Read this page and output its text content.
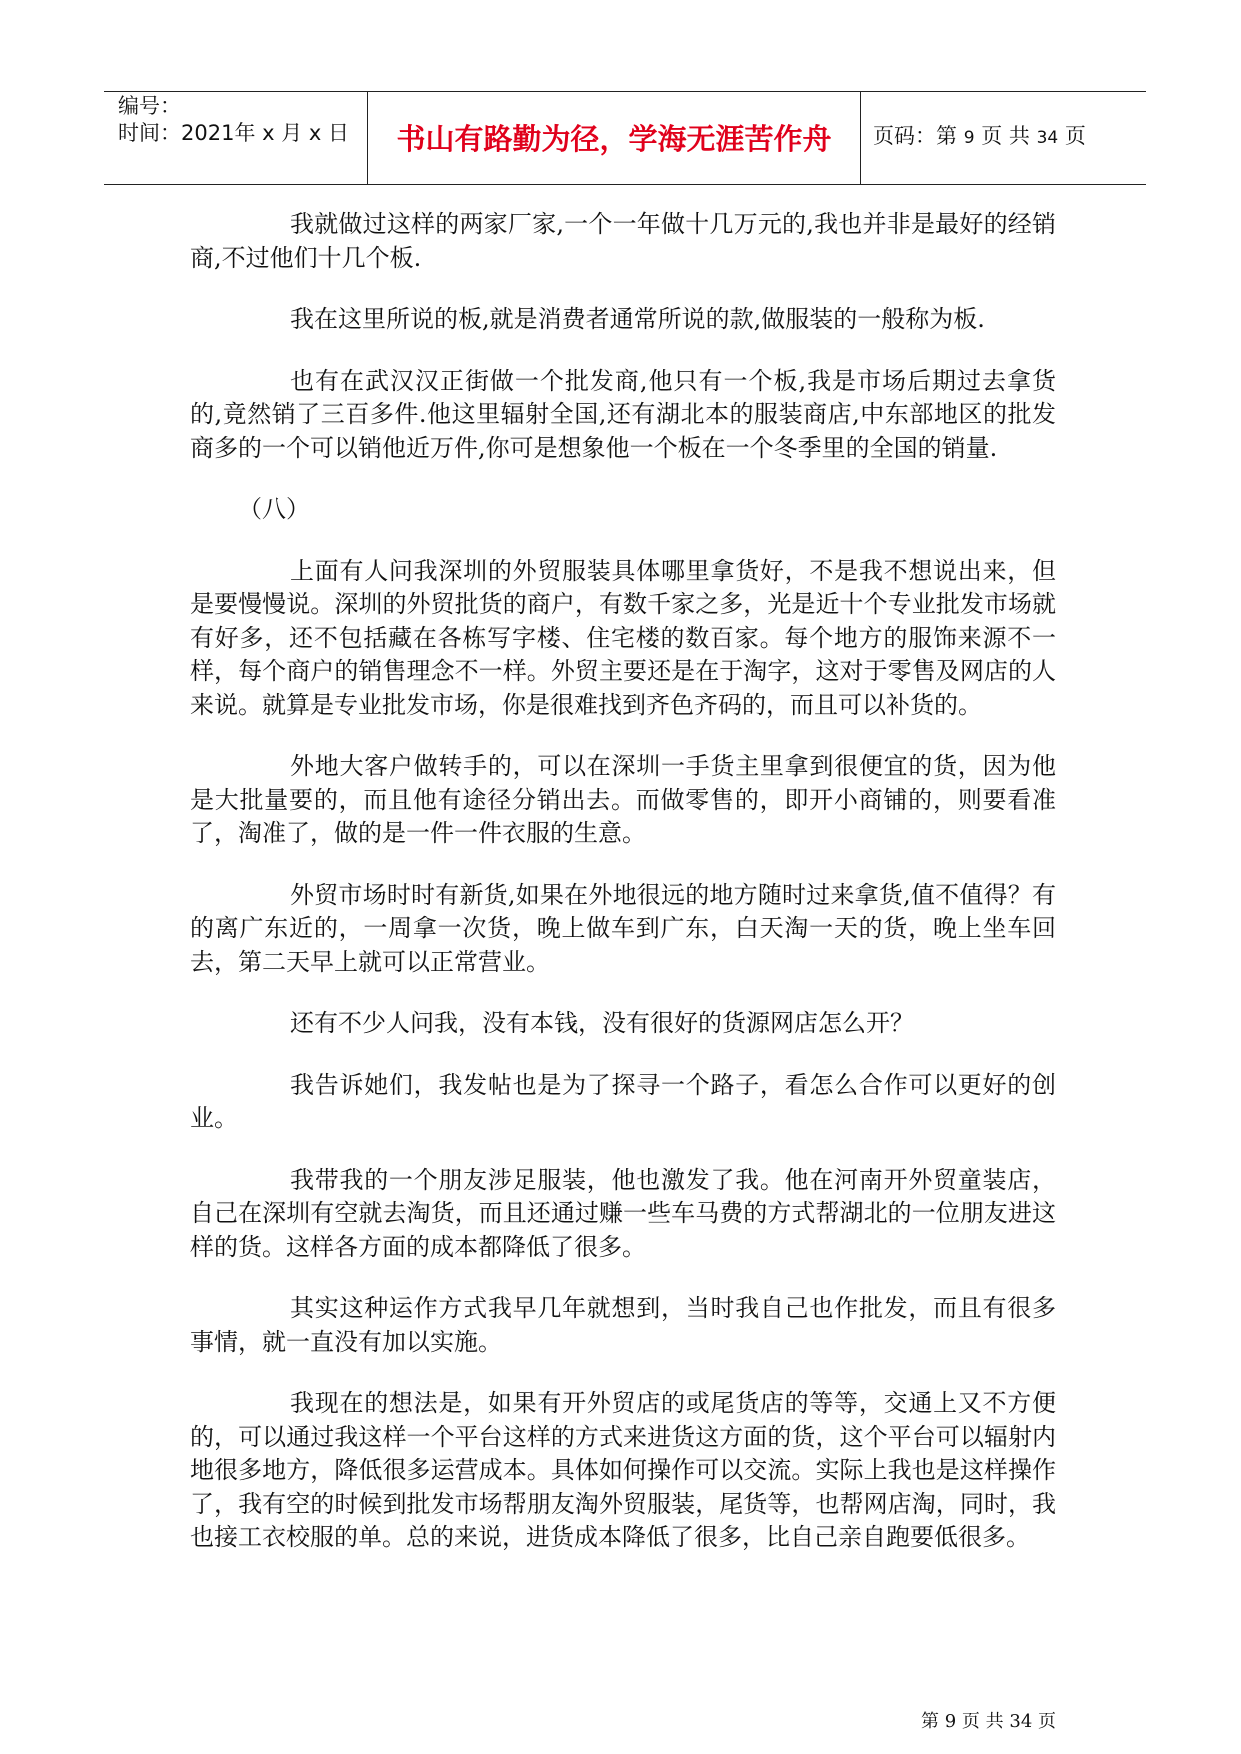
编号：
时间：2021年 x 月 x 日	书山有路勤为径，学海无涯苦作舟	页码：第 9 页 共 34 页

我就做过这样的两家厂家,一个一年做十几万元的,我也并非是最好的经销商,不过他们十几个板.

我在这里所说的板,就是消费者通常所说的款,做服装的一般称为板.

也有在武汉汉正街做一个批发商,他只有一个板,我是市场后期过去拿货的,竟然销了三百多件.他这里辐射全国,还有湖北本的服装商店,中东部地区的批发商多的一个可以销他近万件,你可是想象他一个板在一个冬季里的全国的销量.

（八）

上面有人问我深圳的外贸服装具体哪里拿货好，不是我不想说出来，但是要慢慢说。深圳的外贸批货的商户，有数千家之多，光是近十个专业批发市场就有好多，还不包括藏在各栋写字楼、住宅楼的数百家。每个地方的服饰来源不一样，每个商户的销售理念不一样。外贸主要还是在于淘字，这对于零售及网店的人来说。就算是专业批发市场，你是很难找到齐色齐码的，而且可以补货的。

外地大客户做转手的，可以在深圳一手货主里拿到很便宜的货，因为他是大批量要的，而且他有途径分销出去。而做零售的，即开小商铺的，则要看准了，淘准了，做的是一件一件衣服的生意。

外贸市场时时有新货,如果在外地很远的地方随时过来拿货,值不值得？有的离广东近的，一周拿一次货，晚上做车到广东，白天淘一天的货，晚上坐车回去，第二天早上就可以正常营业。

还有不少人问我，没有本钱，没有很好的货源网店怎么开？

我告诉她们，我发帖也是为了探寻一个路子，看怎么合作可以更好的创业。

我带我的一个朋友涉足服装，他也激发了我。他在河南开外贸童装店，自己在深圳有空就去淘货，而且还通过赚一些车马费的方式帮湖北的一位朋友进这样的货。这样各方面的成本都降低了很多。

其实这种运作方式我早几年就想到，当时我自己也作批发，而且有很多事情，就一直没有加以实施。

我现在的想法是，如果有开外贸店的或尾货店的等等，交通上又不方便的，可以通过我这样一个平台这样的方式来进货这方面的货，这个平台可以辐射内地很多地方，降低很多运营成本。具体如何操作可以交流。实际上我也是这样操作了，我有空的时候到批发市场帮朋友淘外贸服装，尾货等，也帮网店淘，同时，我也接工衣校服的单。总的来说，进货成本降低了很多，比自己亲自跑要低很多。

第 9 页 共 34 页
